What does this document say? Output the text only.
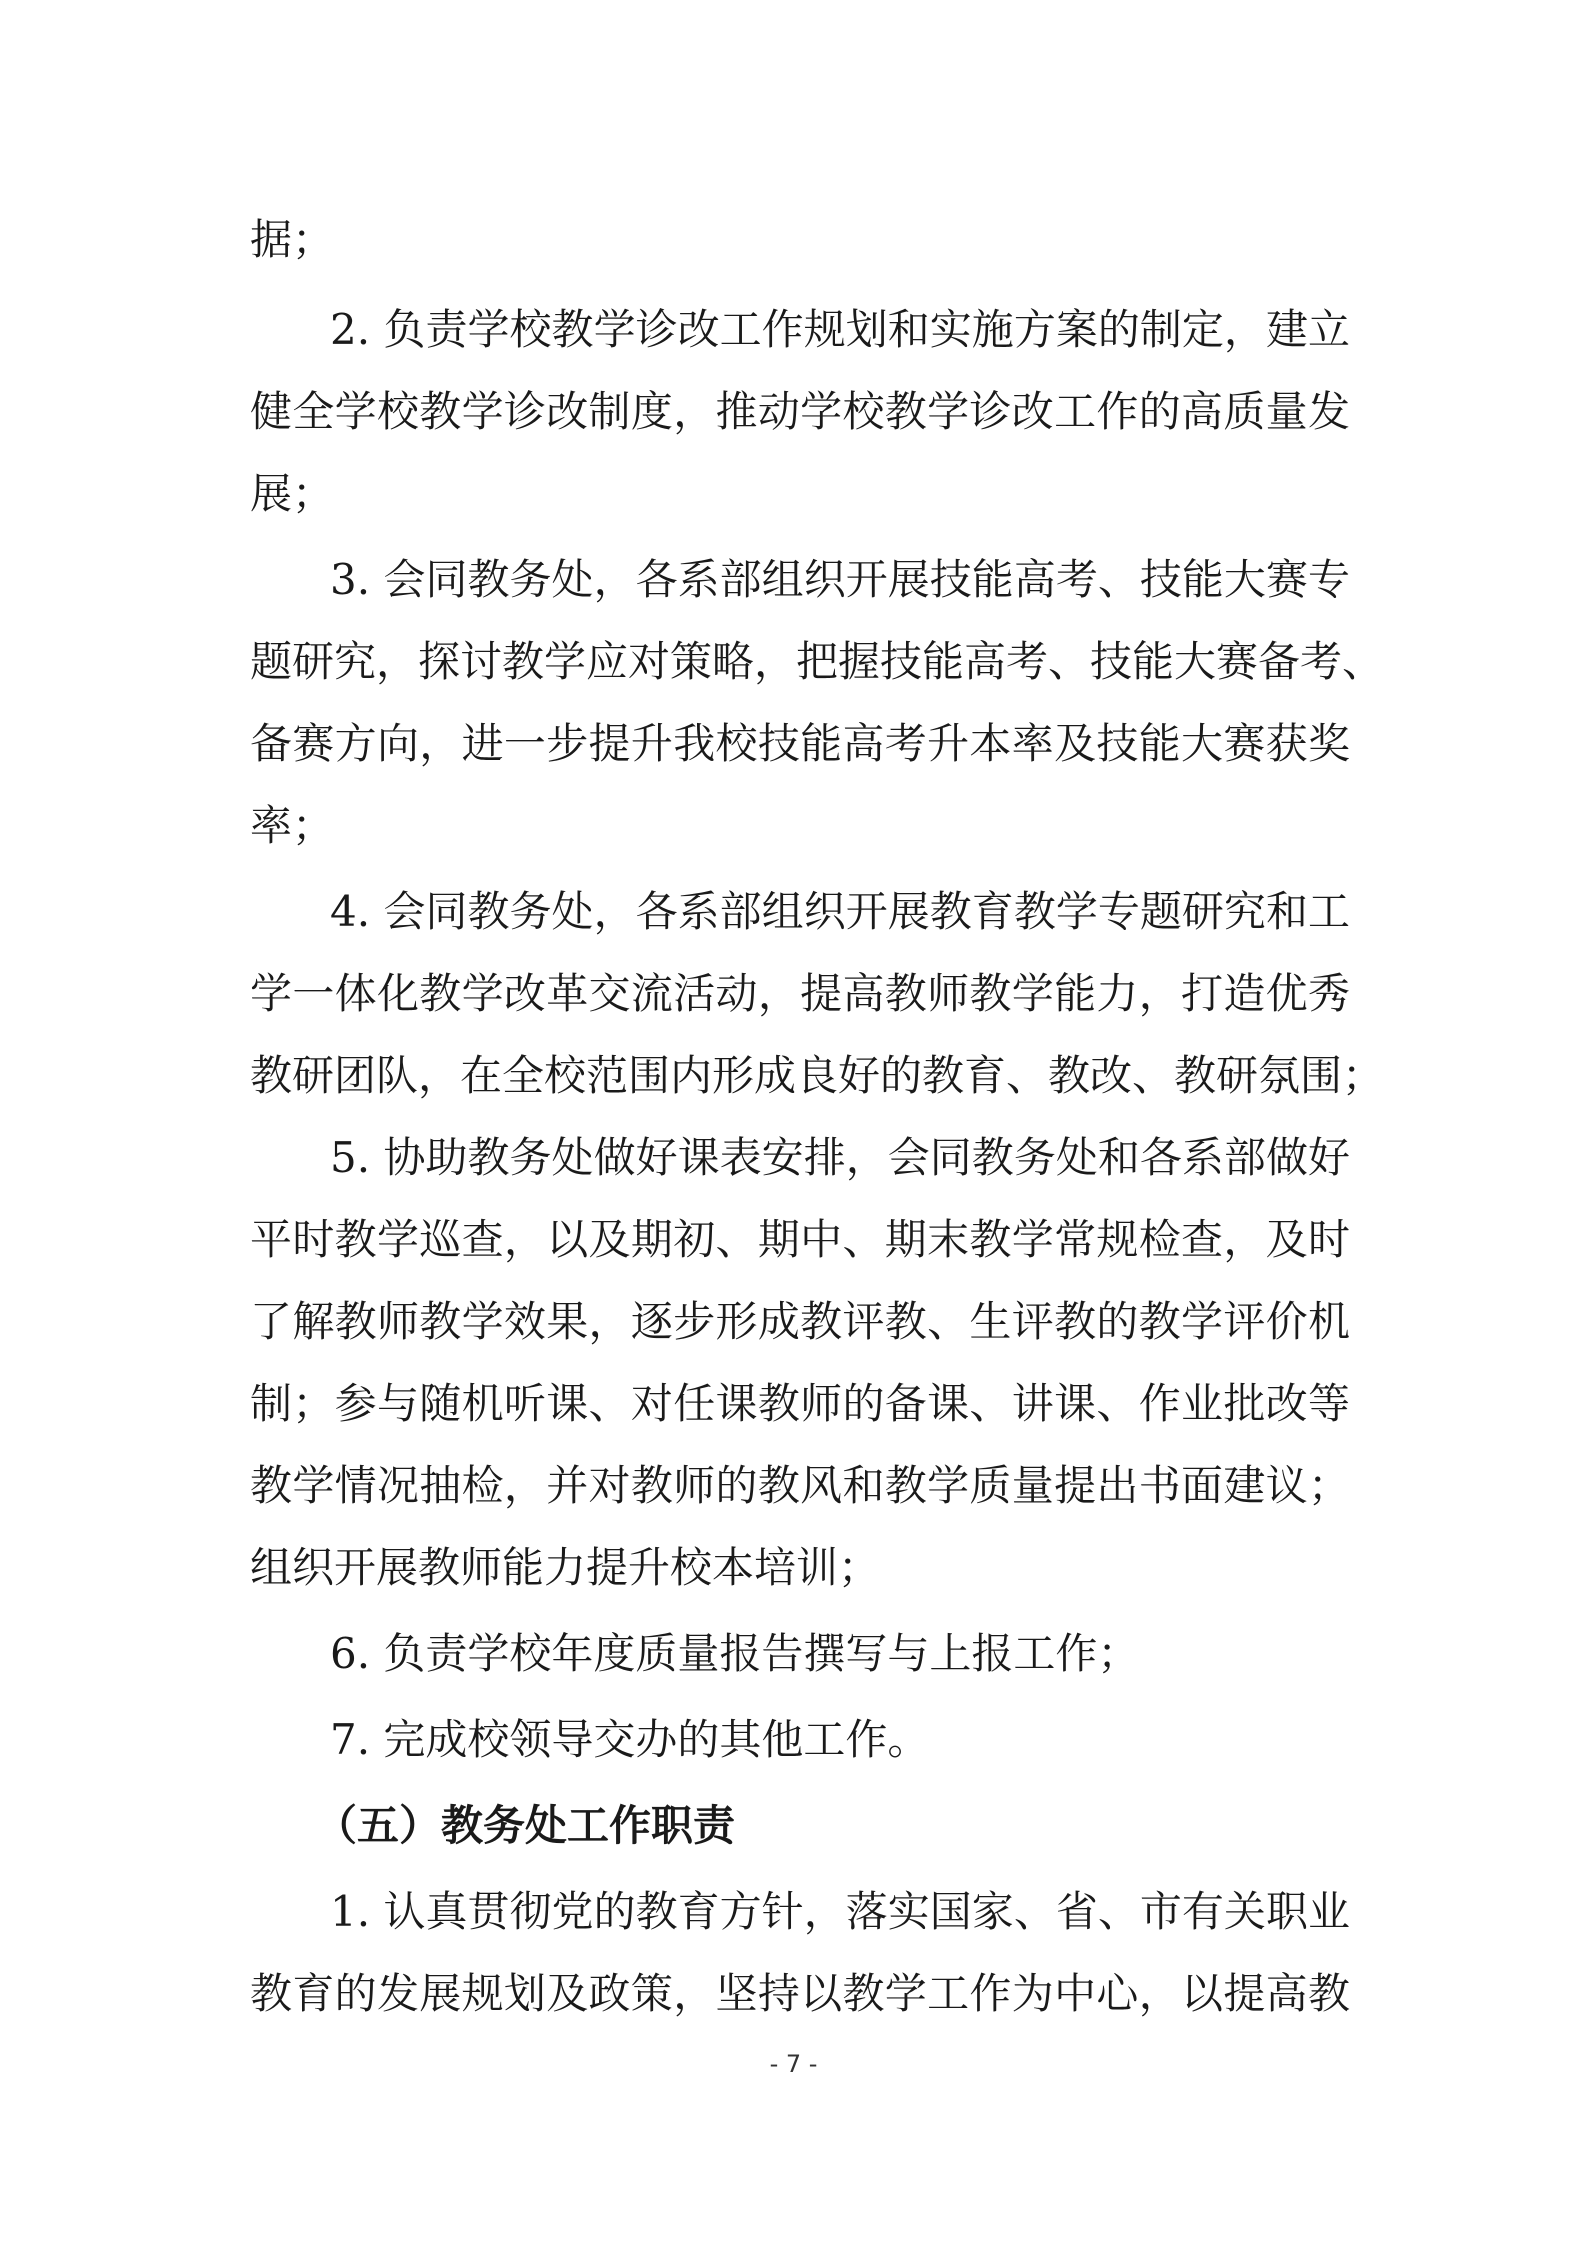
据；
2. 负责学校教学诊改工作规划和实施方案的制定，建立
健全学校教学诊改制度，推动学校教学诊改工作的高质量发
展；
3. 会同教务处，各系部组织开展技能高考、技能大赛专
题研究，探讨教学应对策略，把握技能高考、技能大赛备考、
备赛方向，进一步提升我校技能高考升本率及技能大赛获奖
率；
4. 会同教务处，各系部组织开展教育教学专题研究和工
学一体化教学改革交流活动，提高教师教学能力，打造优秀
教研团队，在全校范围内形成良好的教育、教改、教研氛围；
5. 协助教务处做好课表安排，会同教务处和各系部做好
平时教学巡查，以及期初、期中、期末教学常规检查，及时
了解教师教学效果，逐步形成教评教、生评教的教学评价机
制；参与随机听课、对任课教师的备课、讲课、作业批改等
教学情况抽检，并对教师的教风和教学质量提出书面建议；
组织开展教师能力提升校本培训；
6. 负责学校年度质量报告撰写与上报工作；
7. 完成校领导交办的其他工作。
（五）教务处工作职责
1. 认真贯彻党的教育方针，落实国家、省、市有关职业
教育的发展规划及政策，坚持以教学工作为中心，以提高教
- 7 -
